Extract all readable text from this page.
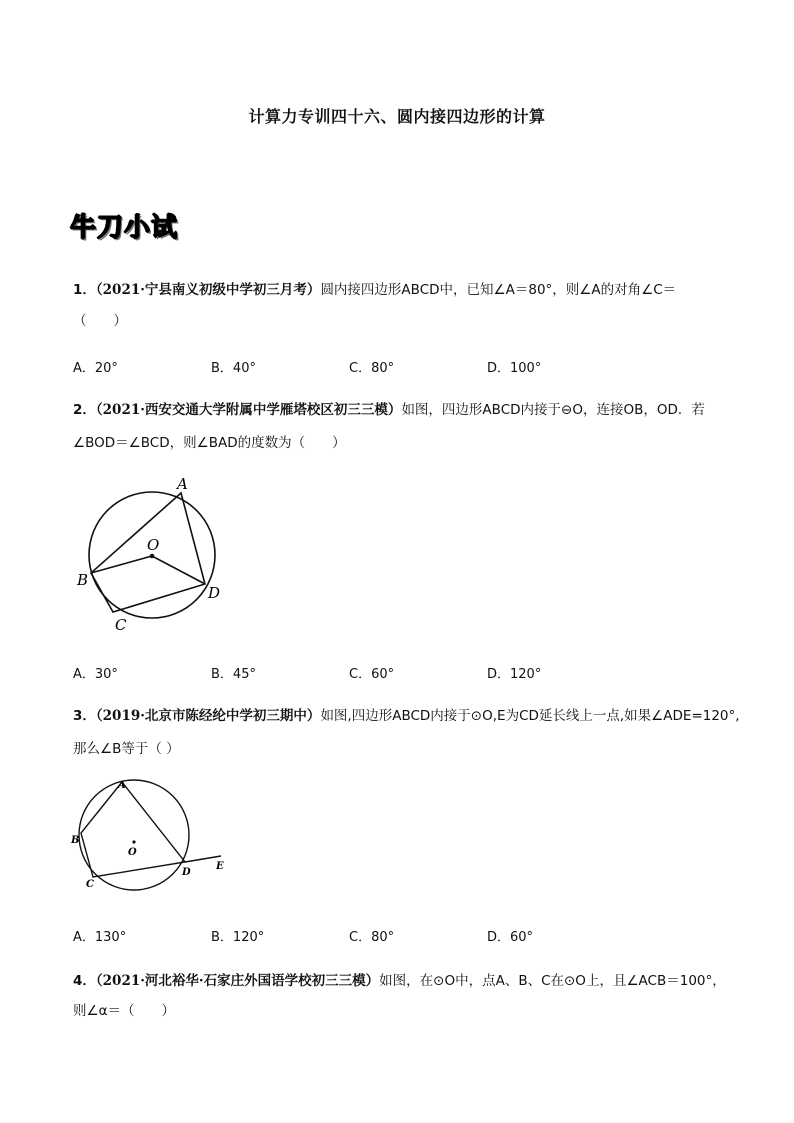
计算力专训四十六、圆内接四边形的计算
牛刀小试
1．（2021·宁县南义初级中学初三月考）圆内接四边形ABCD中，已知∠A＝80°，则∠A的对角∠C＝
（　　）
A．20°	B．40°	C．80°	D．100°
2．（2021·西安交通大学附属中学雁塔校区初三三模）如图，四边形ABCD内接于⊖O，连接OB，OD．若
∠BOD＝∠BCD，则∠BAD的度数为（　　）
A
B
C
D
O
A．30°	B．45°	C．60°	D．120°
3．（2019·北京市陈经纶中学初三期中）如图,四边形ABCD内接于⊙O,E为CD延长线上一点,如果∠ADE=120°,
那么∠B等于（ ）
A
B
C
D
E
O
A．130°	B．120°	C．80°	D．60°
4．（2021·河北裕华·石家庄外国语学校初三三模）如图，在⊙O中，点A、B、C在⊙O上，且∠ACB＝100°，
则∠α＝（　　）
